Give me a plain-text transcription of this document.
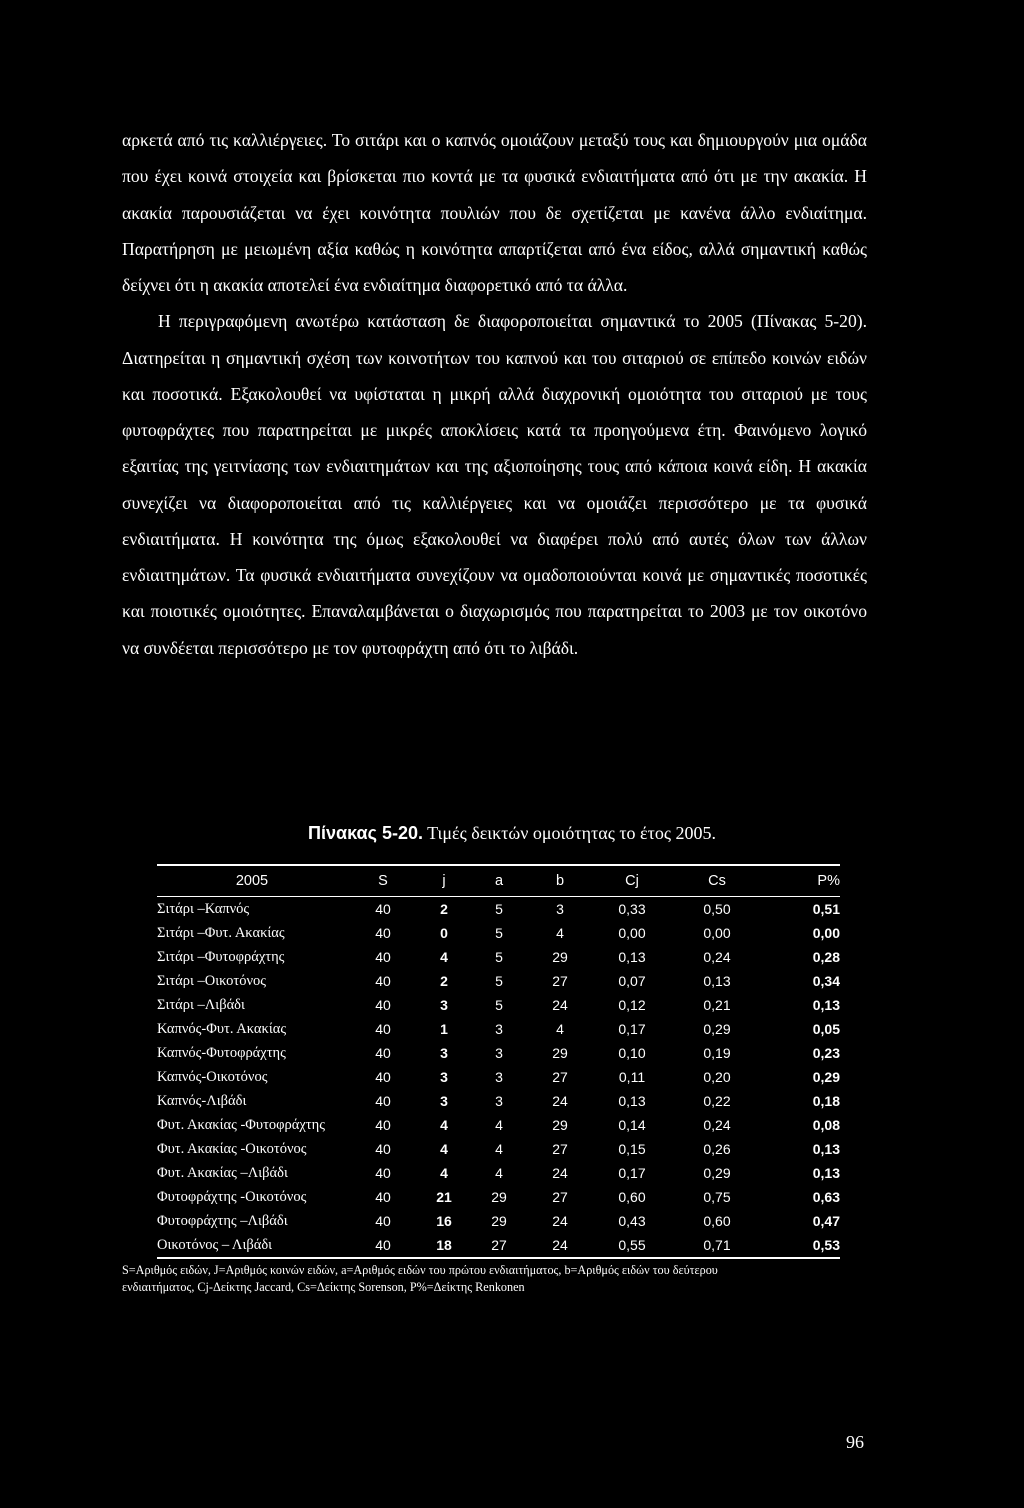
αρκετά από τις καλλιέργειες. Το σιτάρι και ο καπνός ομοιάζουν μεταξύ τους και δημιουργούν μια ομάδα που έχει κοινά στοιχεία και βρίσκεται πιο κοντά με τα φυσικά ενδιαιτήματα από ότι με την ακακία. Η ακακία παρουσιάζεται να έχει κοινότητα πουλιών που δε σχετίζεται με κανένα άλλο ενδιαίτημα. Παρατήρηση με μειωμένη αξία καθώς η κοινότητα απαρτίζεται από ένα είδος, αλλά σημαντική καθώς δείχνει ότι η ακακία αποτελεί ένα ενδιαίτημα διαφορετικό από τα άλλα.

Η περιγραφόμενη ανωτέρω κατάσταση δε διαφοροποιείται σημαντικά το 2005 (Πίνακας 5-20). Διατηρείται η σημαντική σχέση των κοινοτήτων του καπνού και του σιταριού σε επίπεδο κοινών ειδών και ποσοτικά. Εξακολουθεί να υφίσταται η μικρή αλλά διαχρονική ομοιότητα του σιταριού με τους φυτοφράχτες που παρατηρείται με μικρές αποκλίσεις κατά τα προηγούμενα έτη. Φαινόμενο λογικό εξαιτίας της γειτνίασης των ενδιαιτημάτων και της αξιοποίησης τους από κάποια κοινά είδη. Η ακακία συνεχίζει να διαφοροποιείται από τις καλλιέργειες και να ομοιάζει περισσότερο με τα φυσικά ενδιαιτήματα. Η κοινότητα της όμως εξακολουθεί να διαφέρει πολύ από αυτές όλων των άλλων ενδιαιτημάτων. Τα φυσικά ενδιαιτήματα συνεχίζουν να ομαδοποιούνται κοινά με σημαντικές ποσοτικές και ποιοτικές ομοιότητες. Επαναλαμβάνεται ο διαχωρισμός που παρατηρείται το 2003 με τον οικοτόνο να συνδέεται περισσότερο με τον φυτοφράχτη από ότι το λιβάδι.

Πίνακας 5-20. Τιμές δεικτών ομοιότητας το έτος 2005.
2005	S	j	a	b	Cj	Cs	P%
Σιτάρι –Καπνός	40	2	5	3	0,33	0,50	0,51
Σιτάρι –Φυτ. Ακακίας	40	0	5	4	0,00	0,00	0,00
Σιτάρι –Φυτοφράχτης	40	4	5	29	0,13	0,24	0,28
Σιτάρι –Οικοτόνος	40	2	5	27	0,07	0,13	0,34
Σιτάρι –Λιβάδι	40	3	5	24	0,12	0,21	0,13
Καπνός-Φυτ. Ακακίας	40	1	3	4	0,17	0,29	0,05
Καπνός-Φυτοφράχτης	40	3	3	29	0,10	0,19	0,23
Καπνός-Οικοτόνος	40	3	3	27	0,11	0,20	0,29
Καπνός-Λιβάδι	40	3	3	24	0,13	0,22	0,18
Φυτ. Ακακίας -Φυτοφράχτης	40	4	4	29	0,14	0,24	0,08
Φυτ. Ακακίας -Οικοτόνος	40	4	4	27	0,15	0,26	0,13
Φυτ. Ακακίας –Λιβάδι	40	4	4	24	0,17	0,29	0,13
Φυτοφράχτης -Οικοτόνος	40	21	29	27	0,60	0,75	0,63
Φυτοφράχτης –Λιβάδι	40	16	29	24	0,43	0,60	0,47
Οικοτόνος – Λιβάδι	40	18	27	24	0,55	0,71	0,53
S=Αριθμός ειδών, J=Αριθμός κοινών ειδών, a=Αριθμός ειδών του πρώτου ενδιαιτήματος, b=Αριθμός ειδών του δεύτερου
ενδιαιτήματος, Cj-Δείκτης Jaccard, Cs=Δείκτης Sorenson, P%=Δείκτης Renkonen
96
